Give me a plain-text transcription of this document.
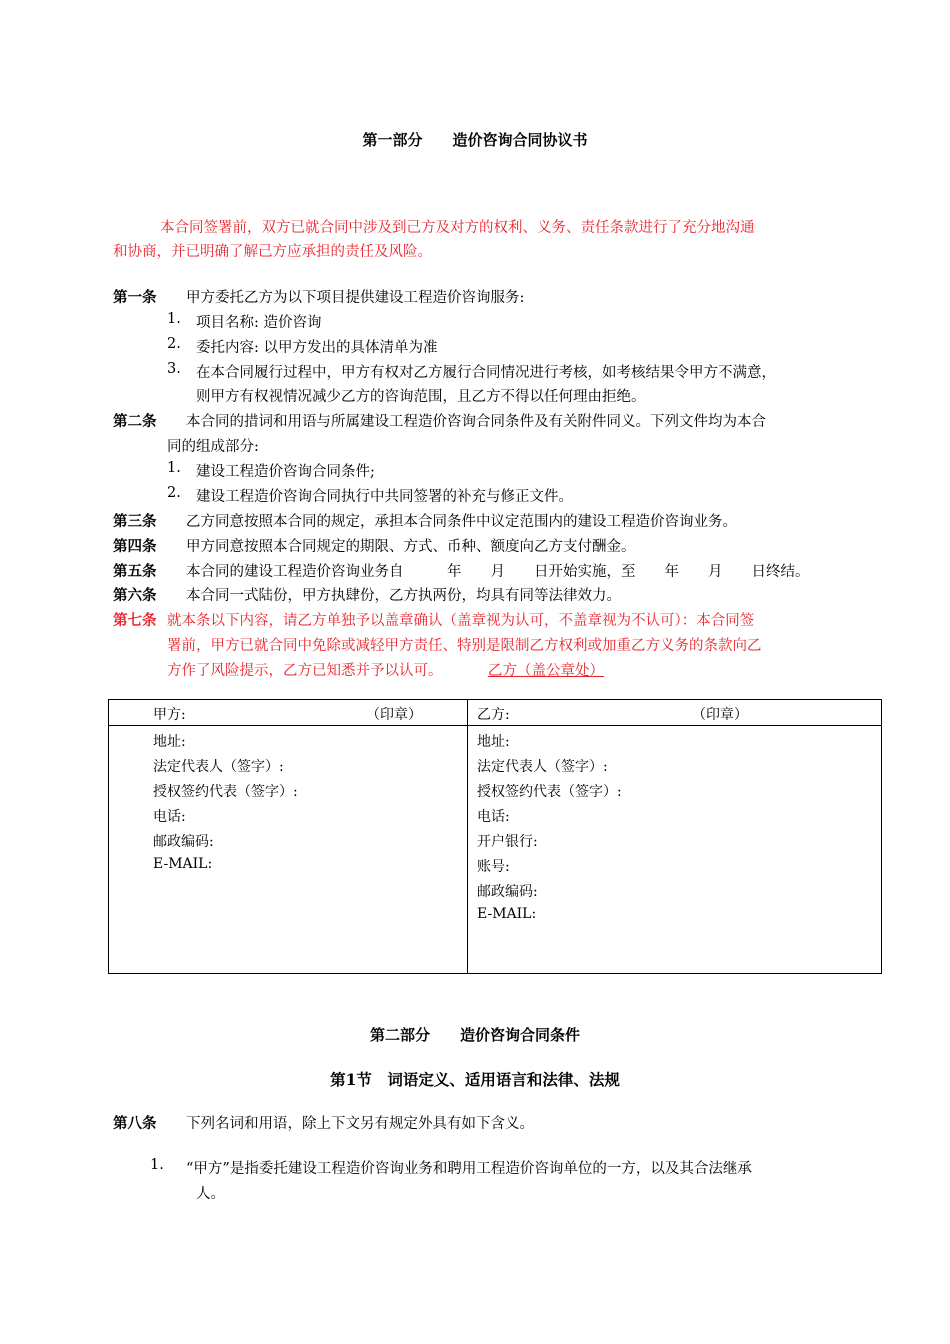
第一部分　　造价咨询合同协议书
本合同签署前，双方已就合同中涉及到己方及对方的权利、义务、责任条款进行了充分地沟通
和协商，并已明确了解己方应承担的责任及风险。
第一条 甲方委托乙方为以下项目提供建设工程造价咨询服务:
1. 项目名称: 造价咨询
2. 委托内容: 以甲方发出的具体清单为准
3. 在本合同履行过程中，甲方有权对乙方履行合同情况进行考核，如考核结果令甲方不满意，
则甲方有权视情况减少乙方的咨询范围，且乙方不得以任何理由拒绝。
第二条 本合同的措词和用语与所属建设工程造价咨询合同条件及有关附件同义。下列文件均为本合
同的组成部分:
1. 建设工程造价咨询合同条件;
2. 建设工程造价咨询合同执行中共同签署的补充与修正文件。
第三条 乙方同意按照本合同的规定，承担本合同条件中议定范围内的建设工程造价咨询业务。
第四条 甲方同意按照本合同规定的期限、方式、币种、额度向乙方支付酬金。
第五条 本合同的建设工程造价咨询业务自　　　年　　月　　日开始实施，至　　年　　月　　日终结。
第六条 本合同一式陆份，甲方执肆份，乙方执两份，均具有同等法律效力。
第七条 就本条以下内容，请乙方单独予以盖章确认（盖章视为认可，不盖章视为不认可）：本合同签
署前，甲方已就合同中免除或减轻甲方责任、特别是限制乙方权利或加重乙方义务的条款向乙
方作了风险提示，乙方已知悉并予以认可。	乙方（盖公章处）
甲方:	（印章）
地址:
法定代表人（签字）:
授权签约代表（签字）:
电话:
邮政编码:
E-MAIL:
乙方:	（印章）
地址:
法定代表人（签字）:
授权签约代表（签字）:
电话:
开户银行:
账号:
邮政编码:
E-MAIL:
第二部分　　造价咨询合同条件
第1节　词语定义、适用语言和法律、法规
第八条 下列名词和用语，除上下文另有规定外具有如下含义。
1. “甲方”是指委托建设工程造价咨询业务和聘用工程造价咨询单位的一方，以及其合法继承
人。
